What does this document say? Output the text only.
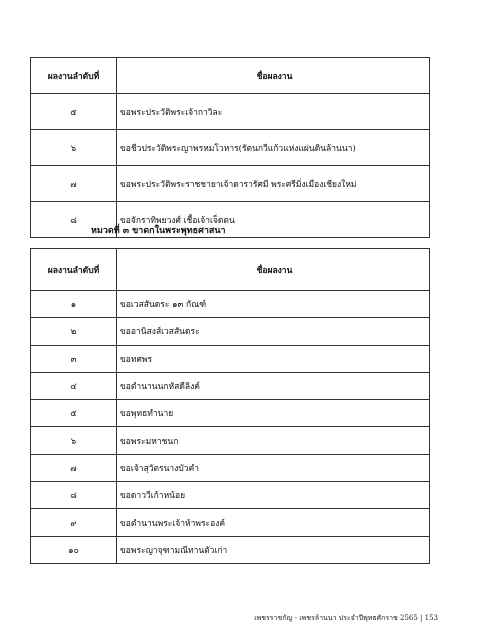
ผลงานลำดับที่	ชื่อผลงาน
๕	ขอพระประวัติพระเจ้ากาวิละ
๖	ขอชีวประวัติพระญาพรหมโวหาร(รัตนกวีแก้วแห่งแผ่นดินล้านนา)
๗	ขอพระประวัติพระราชชายาเจ้าดารารัศมี พระศรีมิ่งเมืองเชียงใหม่
๘	ขอจักราทิพยวงศ์ เชื้อเจ้าเจ็ดตน
หมวดที่ ๓ ขาดกในพระพุทธศาสนา
ผลงานลำดับที่	ชื่อผลงาน
๑	ขอเวสสันดระ ๑๓ กัณฑ์
๒	ขออานิสงส์เวสสันดระ
๓	ขอทศพร
๔	ขอตำนานนกหัสดีลิงค์
๕	ขอพุทธทำนาย
๖	ขอพระมหาชนก
๗	ขอเจ้าสุวัตรนางบัวคำ
๘	ขอดาววีเก้าหน้อย
๙	ขอตำนานพระเจ้าห้าพระองค์
๑๐	ขอพระญาจุฑามณีทานตัวเก่า
เพชรราชกัญ - เพชรล้านนา ประจำปีพุทธศักราช 2565 | 153
